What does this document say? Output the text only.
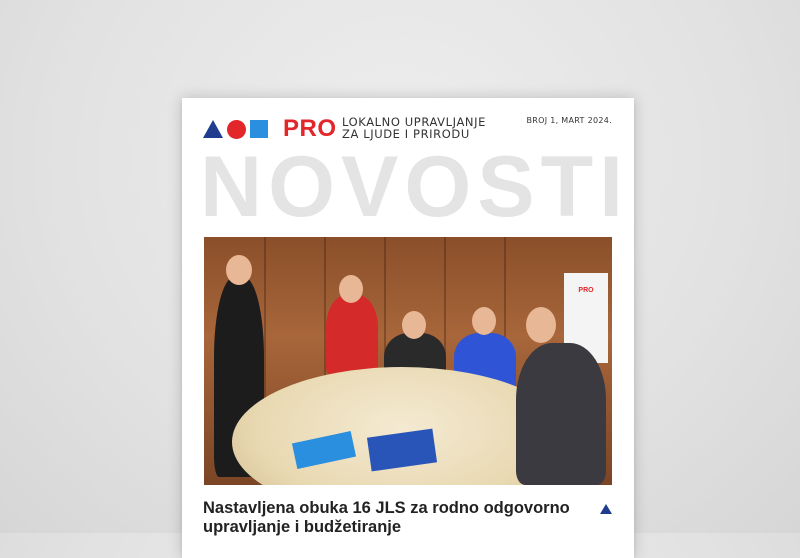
PRO LOKALNO UPRAVLJANJE
ZA LJUDE I PRIRODU
BROJ 1, MART 2024.
NOVOSTI
PRO
Nastavljena obuka 16 JLS za rodno odgovorno upravljanje i budžetiranje
